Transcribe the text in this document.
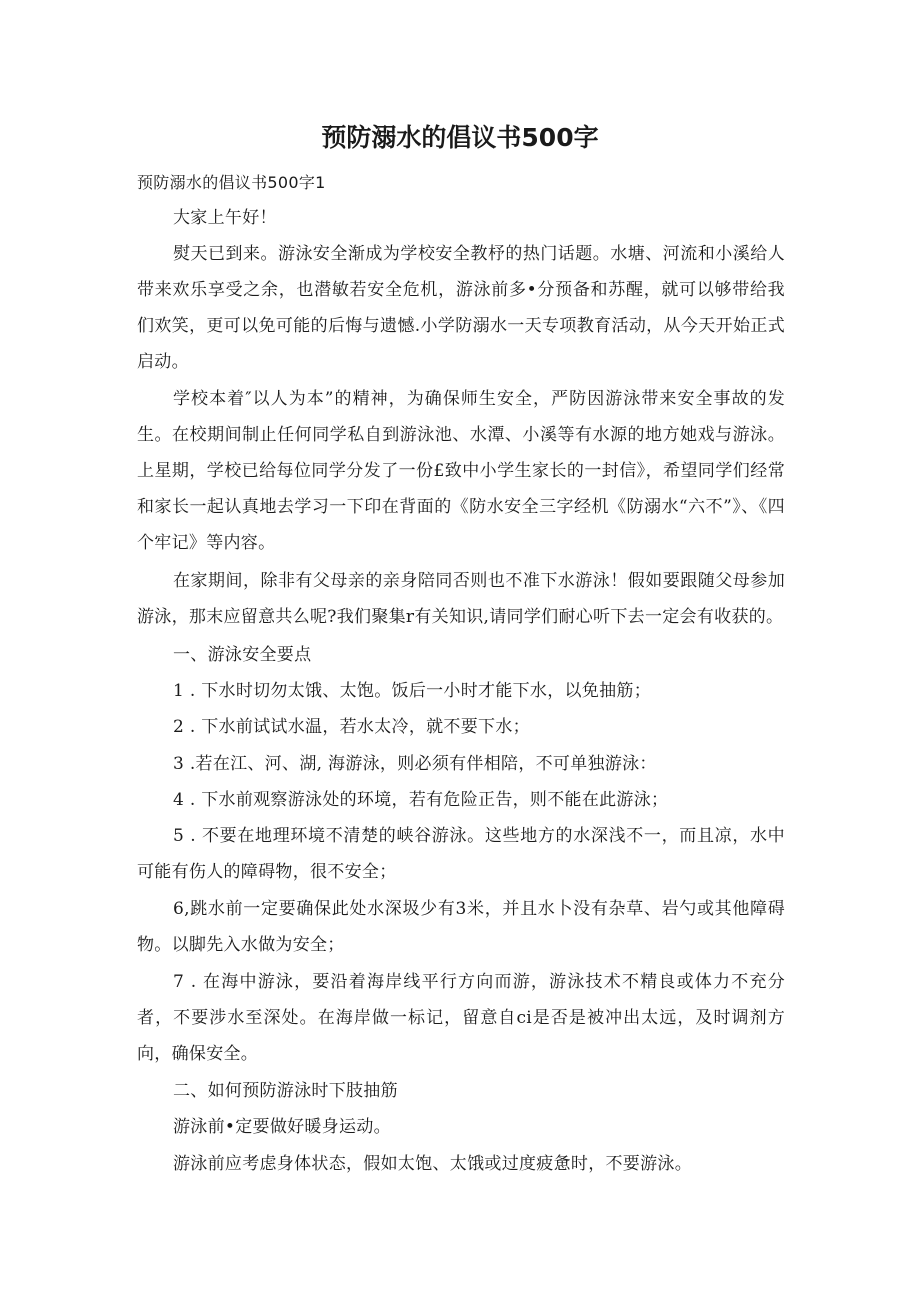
预防溺水的倡议书500字

预防溺水的倡议书500字1

大家上午好！

熨天已到来。游泳安全渐成为学校安全教杼的热门话题。水塘、河流和小溪给人带来欢乐享受之余，也潜敏若安全危机，游泳前多•分预备和苏醒，就可以够带给我们欢笑，更可以免可能的后悔与遗憾.小学防溺水一天专项教育活动，从今天开始正式启动。

学校本着″以人为本”的精神，为确保师生安全，严防因游泳带来安全事故的发生。在校期间制止任何同学私自到游泳池、水潭、小溪等有水源的地方她戏与游泳。上星期，学校已给每位同学分发了一份£致中小学生家长的一封信》，希望同学们经常和家长一起认真地去学习一下印在背面的《防水安全三字经机《防溺水“六不”》、《四个牢记》等内容。

在家期间，除非有父母亲的亲身陪同否则也不准下水游泳！假如要跟随父母参加游泳，那末应留意共么呢?我们聚集r有关知识,请同学们耐心听下去一定会有收获的。

一、游泳安全要点

1 . 下水时切勿太饿、太饱。饭后一小时才能下水，以免抽筋；

2 . 下水前试试水温，若水太冷，就不要下水；

3 .若在江、河、湖, 海游泳，则必须有伴相陪，不可单独游泳：

4 . 下水前观察游泳处的环境，若有危险正告，则不能在此游泳；

5 . 不要在地理环境不清楚的峡谷游泳。这些地方的水深浅不一，而且凉，水中可能有伤人的障碍物，很不安全；

6,跳水前一定要确保此处水深圾少有3米，并且水卜没有杂草、岩勺或其他障碍物。以脚先入水做为安全；

7 . 在海中游泳，要沿着海岸线平行方向而游，游泳技术不精良或体力不充分者，不要涉水至深处。在海岸做一标记，留意自ⅽi是否是被冲出太远，及时调剂方向，确保安全。

二、如何预防游泳时下肢抽筋

游泳前•定要做好暖身运动。

游泳前应考虑身体状态，假如太饱、太饿或过度疲惫时，不要游泳。
